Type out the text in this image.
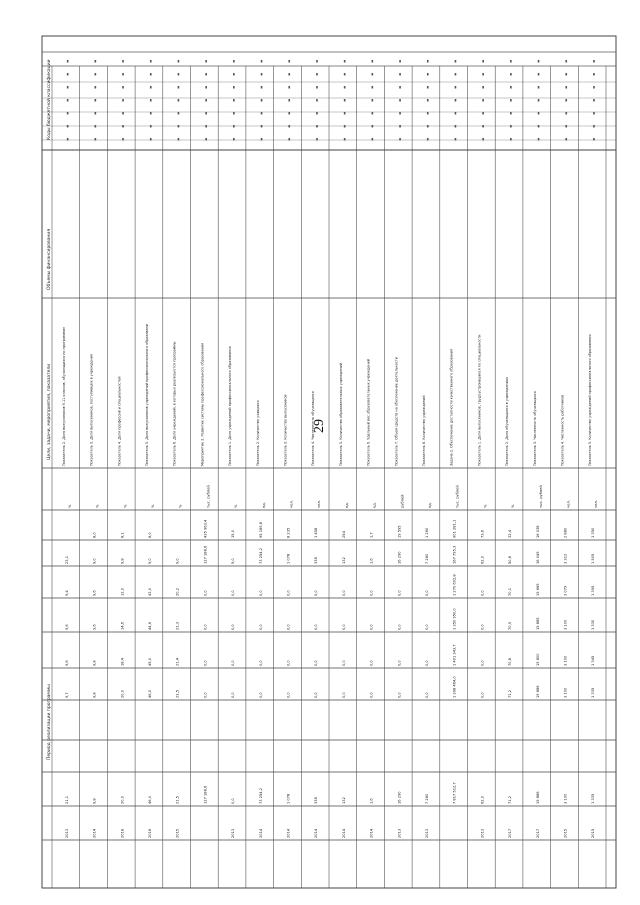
29
Коды бюджетной классификации
Объемы финансирования
Период реализации программы
Цели, задачи, мероприятия, показатели	Показатель 2. Доля выпускников 9-11 классов, обучающихся по программам
%
23,1
9,4
9,6
9,6
9,7
21,1
2013
Показатель 3. Доля выпускников, поступивших в учреждения
%
8,0
9,0
9,6
9,6
9,8
9,8
9,8
2014
Показатель 4. Доля профессий и специальностей
%
8,1
9,8
12,0
14,6
18,4
20,0
20,0
2018
Показатель 5. Доля выпускников учреждений профессионального образовани
%
8,0
9,0
43,0
44,6
45,0
46,0
46,0
2018
Показатель 6. Доля учреждений, в которых реализуются программы
%
9,0
20,2
21,3
21,4
21,5
21,5
2015
Мероприятие 2. Развитие системы профессионального образования
тыс. рублей
435 963,4
127 188,6
0,0
0,0
0,0
0,0
127 188,6
Показатель 1. Доля учреждений профессионального образования
%
15,0
5,0
0,0
0,0
0,0
0,0
0,0
2013
Показатель 2. Количество учащихся
ед.
95 189,8
73 254,2
0,0
0,0
0,0
0,0
73 254,2
2014
Показатель 3. Количество выпускников
чел.
8 235
1 078
0,0
0,0
0,0
0,0
1 078
2014
Показатель 4. Численность обучающихся
чел.
1 458
338
0,0
0,0
0,0
0,0
338
2014
Показатель 5. Количество образовательных учреждений
ед.
254
132
0,0
0,0
0,0
0,0
132
2014
Показатель 6. Удельный вес образовательных учреждений
ед.
1,7
1,6
0,0
0,0
0,0
0,0
1,6
2014
Показатель 7. Объем средств на обеспечение деятельности
рублей
19 595
16 290
0,0
0,0
0,0
0,0
16 290
2013
Показатель 8. Количество учреждений
ед.
1 260
7 280
0,0
0,0
0,0
0,0
7 280
2013
Задача 2. Обеспечение доступности качественного образования
тыс. рублей
901 281,1
167 795,3
1 270 602,8
1 350 950,0
1 401 343,7
1 398 464,0
7 817 512,7
Показатель 1. Доля выпускников, трудоустроившихся по специальности
%
73,6
62,0
0,0
0,0
0,0
0,0
62,0
2013
Показатель 2. Доля обучающихся в учреждениях
%
32,4
50,8
70,1
70,5
70,8
71,2
71,2
2017
Показатель 3. Численность обучающихся
тыс. рублей
16 038
16 049
19 669
19 885
19 800
19 886
19 886
2017
Показатель 4. Численность работников
чел.
2 880
3 312
3 079
3 100
3 100
3 100
3 100
2015
Показатель 5. Количество учреждений профессионального образования
чел.
1 350
1 505
1 395
1 330
1 345
1 335
1 335
2015
